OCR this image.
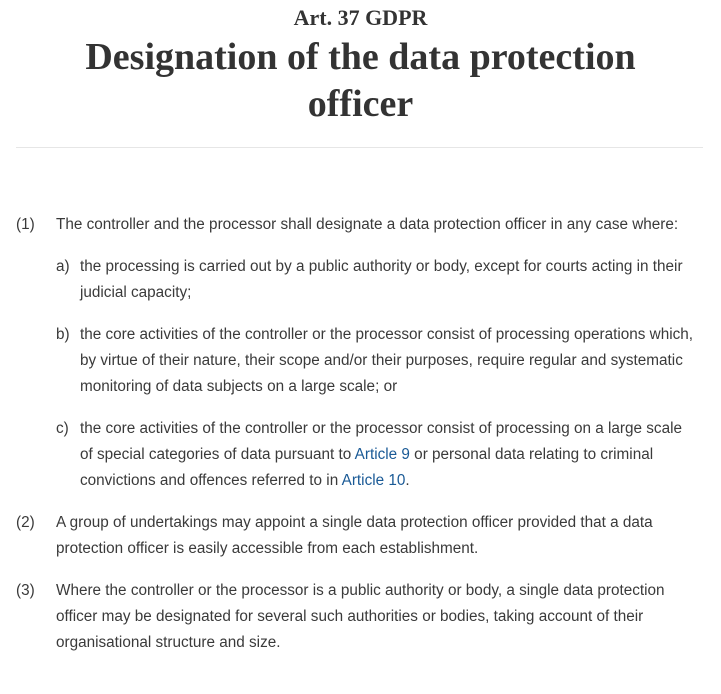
Art. 37 GDPR
Designation of the data protection officer
(1) The controller and the processor shall designate a data protection officer in any case where:
a) the processing is carried out by a public authority or body, except for courts acting in their judicial capacity;
b) the core activities of the controller or the processor consist of processing operations which, by virtue of their nature, their scope and/or their purposes, require regular and systematic monitoring of data subjects on a large scale; or
c) the core activities of the controller or the processor consist of processing on a large scale of special categories of data pursuant to Article 9 or personal data relating to criminal convictions and offences referred to in Article 10.
(2) A group of undertakings may appoint a single data protection officer provided that a data protection officer is easily accessible from each establishment.
(3) Where the controller or the processor is a public authority or body, a single data protection officer may be designated for several such authorities or bodies, taking account of their organisational structure and size.
